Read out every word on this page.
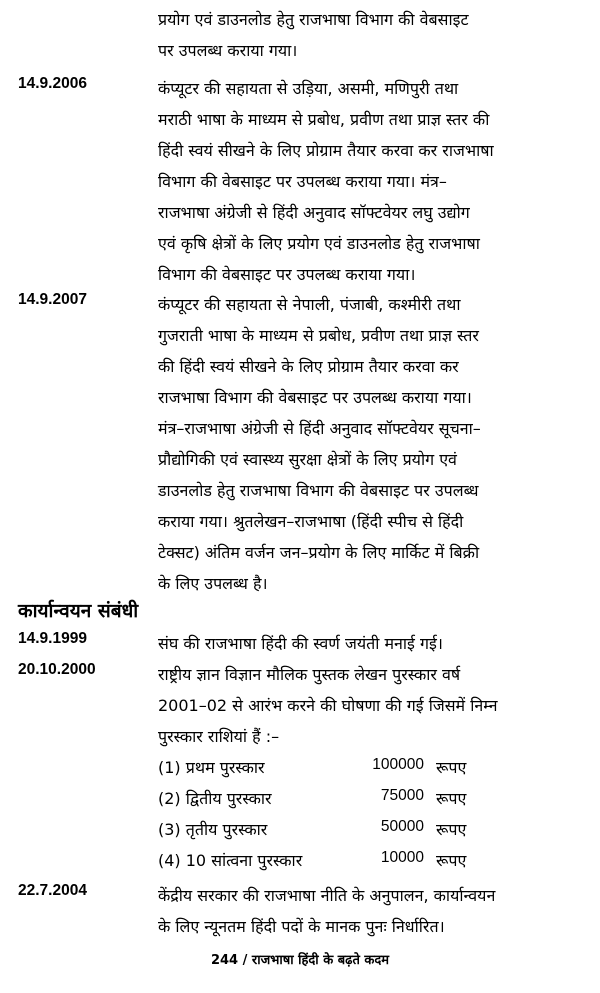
प्रयोग एवं डाउनलोड हेतु राजभाषा विभाग की वेबसाइट
पर उपलब्ध कराया गया।
14.9.2006	कंप्यूटर की सहायता से उड़िया, असमी, मणिपुरी तथा
मराठी भाषा के माध्यम से प्रबोध, प्रवीण तथा प्राज्ञ स्तर की
हिंदी स्वयं सीखने के लिए प्रोग्राम तैयार करवा कर राजभाषा
विभाग की वेबसाइट पर उपलब्ध कराया गया। मंत्र–
राजभाषा अंग्रेजी से हिंदी अनुवाद सॉफ्टवेयर लघु उद्योग
एवं कृषि क्षेत्रों के लिए प्रयोग एवं डाउनलोड हेतु राजभाषा
विभाग की वेबसाइट पर उपलब्ध कराया गया।
14.9.2007	कंप्यूटर की सहायता से नेपाली, पंजाबी, कश्मीरी तथा
गुजराती भाषा के माध्यम से प्रबोध, प्रवीण तथा प्राज्ञ स्तर
की हिंदी स्वयं सीखने के लिए प्रोग्राम तैयार करवा कर
राजभाषा विभाग की वेबसाइट पर उपलब्ध कराया गया।
मंत्र–राजभाषा अंग्रेजी से हिंदी अनुवाद सॉफ्टवेयर सूचना–
प्रौद्योगिकी एवं स्वास्थ्य सुरक्षा क्षेत्रों के लिए प्रयोग एवं
डाउनलोड हेतु राजभाषा विभाग की वेबसाइट पर उपलब्ध
कराया गया। श्रुतलेखन–राजभाषा (हिंदी स्पीच से हिंदी
टेक्सट) अंतिम वर्जन जन–प्रयोग के लिए मार्किट में बिक्री
के लिए उपलब्ध है।
कार्यान्वयन संबंधी
14.9.1999	संघ की राजभाषा हिंदी की स्वर्ण जयंती मनाई गई।
20.10.2000	राष्ट्रीय ज्ञान विज्ञान मौलिक पुस्तक लेखन पुरस्कार वर्ष
2001–02 से आरंभ करने की घोषणा की गई जिसमें निम्न
पुरस्कार राशियां हैं :–
(1) प्रथम पुरस्कार	100000 रूपए
(2) द्वितीय पुरस्कार	75000 रूपए
(3) तृतीय पुरस्कार	50000 रूपए
(4) 10 सांत्वना पुरस्कार	10000 रूपए
22.7.2004	केंद्रीय सरकार की राजभाषा नीति के अनुपालन, कार्यान्वयन
के लिए न्यूनतम हिंदी पदों के मानक पुनः निर्धारित।
244 / राजभाषा हिंदी के बढ़ते कदम
